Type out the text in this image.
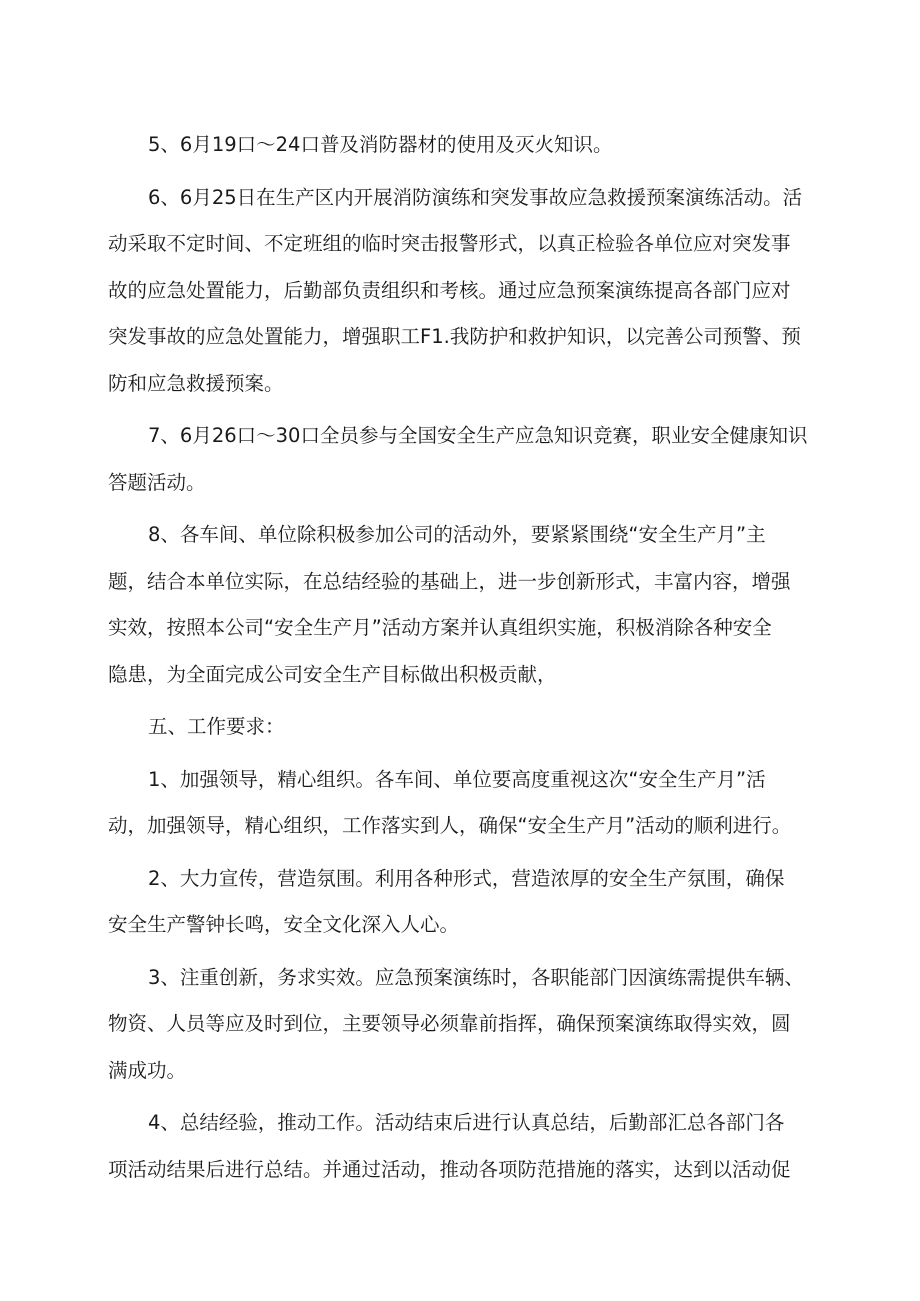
5、6月19口～24口普及消防器材的使用及灭火知识。

6、6月25日在生产区内开展消防演练和突发事故应急救援预案演练活动。活
动采取不定时间、不定班组的临时突击报警形式，以真正检验各单位应对突发事
故的应急处置能力，后勤部负责组织和考核。通过应急预案演练提高各部门应对
突发事故的应急处置能力，增强职工F1.我防护和救护知识，以完善公司预警、预
防和应急救援预案。

7、6月26口～30口全员参与全国安全生产应急知识竞赛，职业安全健康知识
答题活动。

8、各车间、单位除积极参加公司的活动外，要紧紧围绕“安全生产月”主
题，结合本单位实际，在总结经验的基础上，进一步创新形式，丰富内容，增强
实效，按照本公司“安全生产月”活动方案并认真组织实施，积极消除各种安全
隐患，为全面完成公司安全生产目标做出积极贡献，

五、工作要求：

1、加强领导，精心组织。各车间、单位要高度重视这次“安全生产月”活
动，加强领导，精心组织，工作落实到人，确保“安全生产月”活动的顺利进行。

2、大力宣传，营造氛围。利用各种形式，营造浓厚的安全生产氛围，确保
安全生产警钟长鸣，安全文化深入人心。

3、注重创新，务求实效。应急预案演练时，各职能部门因演练需提供车辆、
物资、人员等应及时到位，主要领导必须靠前指挥，确保预案演练取得实效，圆
满成功。

4、总结经验，推动工作。活动结束后进行认真总结，后勤部汇总各部门各
项活动结果后进行总结。并通过活动，推动各项防范措施的落实，达到以活动促
